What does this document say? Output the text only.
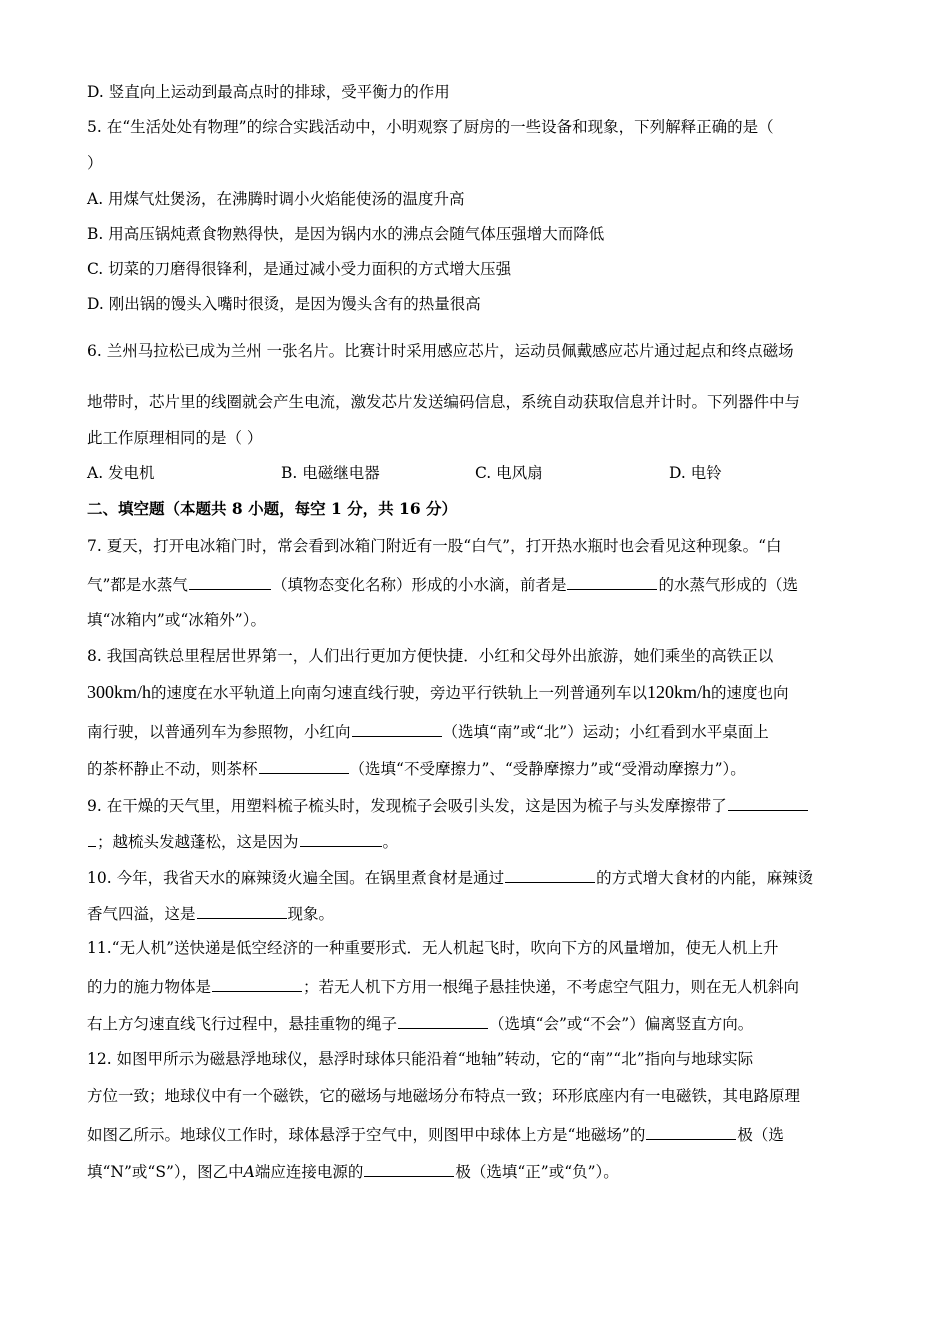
D. 竖直向上运动到最高点时的排球，受平衡力的作用
5. 在“生活处处有物理”的综合实践活动中，小明观察了厨房的一些设备和现象，下列解释正确的是（
）
A. 用煤气灶煲汤，在沸腾时调小火焰能使汤的温度升高
B. 用高压锅炖煮食物熟得快，是因为锅内水的沸点会随气体压强增大而降低
C. 切菜的刀磨得很锋利，是通过减小受力面积的方式增大压强
D. 刚出锅的馒头入嘴时很烫，是因为馒头含有的热量很高
6. 兰州马拉松已成为兰州 一张名片。比赛计时采用感应芯片，运动员佩戴感应芯片通过起点和终点磁场
地带时，芯片里的线圈就会产生电流，激发芯片发送编码信息，系统自动获取信息并计时。下列器件中与
此工作原理相同的是（ ）
A. 发电机	B. 电磁继电器	C. 电风扇	D. 电铃
二、填空题（本题共 8 小题，每空 1 分，共 16 分）
7. 夏天，打开电冰箱门时，常会看到冰箱门附近有一股“白气”，打开热水瓶时也会看见这种现象。“白
气”都是水蒸气	（填物态变化名称）形成的小水滴，前者是	的水蒸气形成的（选
填“冰箱内”或“冰箱外”）。
8. 我国高铁总里程居世界第一，人们出行更加方便快捷．小红和父母外出旅游，她们乘坐的高铁正以
300km/h的速度在水平轨道上向南匀速直线行驶，旁边平行铁轨上一列普通列车以120km/h的速度也向
南行驶，以普通列车为参照物，小红向	（选填“南”或“北”）运动；小红看到水平桌面上
的茶杯静止不动，则茶杯	（选填“不受摩擦力”、“受静摩擦力”或“受滑动摩擦力”）。
9. 在干燥的天气里，用塑料梳子梳头时，发现梳子会吸引头发，这是因为梳子与头发摩擦带了
；越梳头发越蓬松，这是因为	。
10. 今年，我省天水的麻辣烫火遍全国。在锅里煮食材是通过	的方式增大食材的内能，麻辣烫
香气四溢，这是	现象。
11.“无人机”送快递是低空经济的一种重要形式．无人机起飞时，吹向下方的风量增加，使无人机上升
的力的施力物体是	；若无人机下方用一根绳子悬挂快递，不考虑空气阻力，则在无人机斜向
右上方匀速直线飞行过程中，悬挂重物的绳子	（选填“会”或“不会”）偏离竖直方向。
12. 如图甲所示为磁悬浮地球仪，悬浮时球体只能沿着“地轴”转动，它的“南”“北”指向与地球实际
方位一致；地球仪中有一个磁铁，它的磁场与地磁场分布特点一致；环形底座内有一电磁铁，其电路原理
如图乙所示。地球仪工作时，球体悬浮于空气中，则图甲中球体上方是“地磁场”的	极（选
填“N”或“S”），图乙中A端应连接电源的	极（选填“正”或“负”）。
